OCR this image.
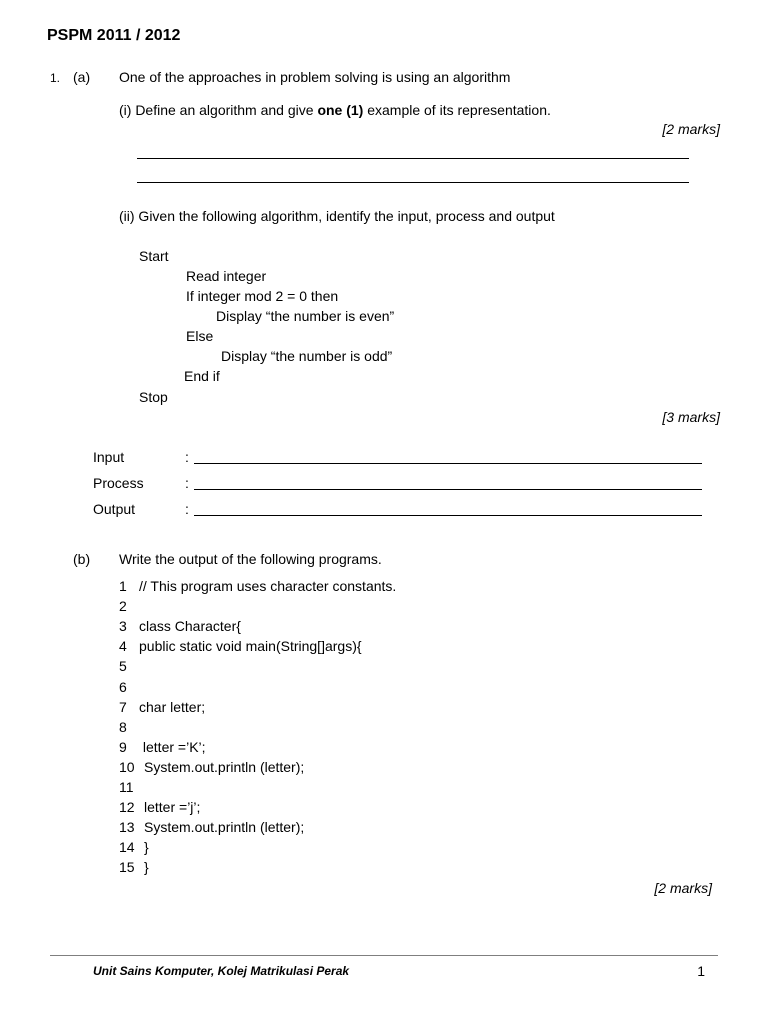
PSPM 2011 / 2012
1. (a) One of the approaches in problem solving is using an algorithm
(i) Define an algorithm and give one (1) example of its representation.
[2 marks]
(ii) Given the following algorithm, identify the input, process and output
Start
Read integer
If integer mod 2 = 0 then
Display “the number is even”
Else
Display “the number is odd”
End if
Stop
[3 marks]
Input	:
Process	:
Output	:
(b) Write the output of the following programs.
1 // This program uses character constants.
2
3 class Character{
4 public static void main(String[]args){
5
6
7 char letter;
8
9 letter =’K’;
10 System.out.println (letter);
11
12 letter =’j’;
13 System.out.println (letter);
14 }
15 }
[2 marks]
Unit Sains Komputer, Kolej Matrikulasi Perak	1
